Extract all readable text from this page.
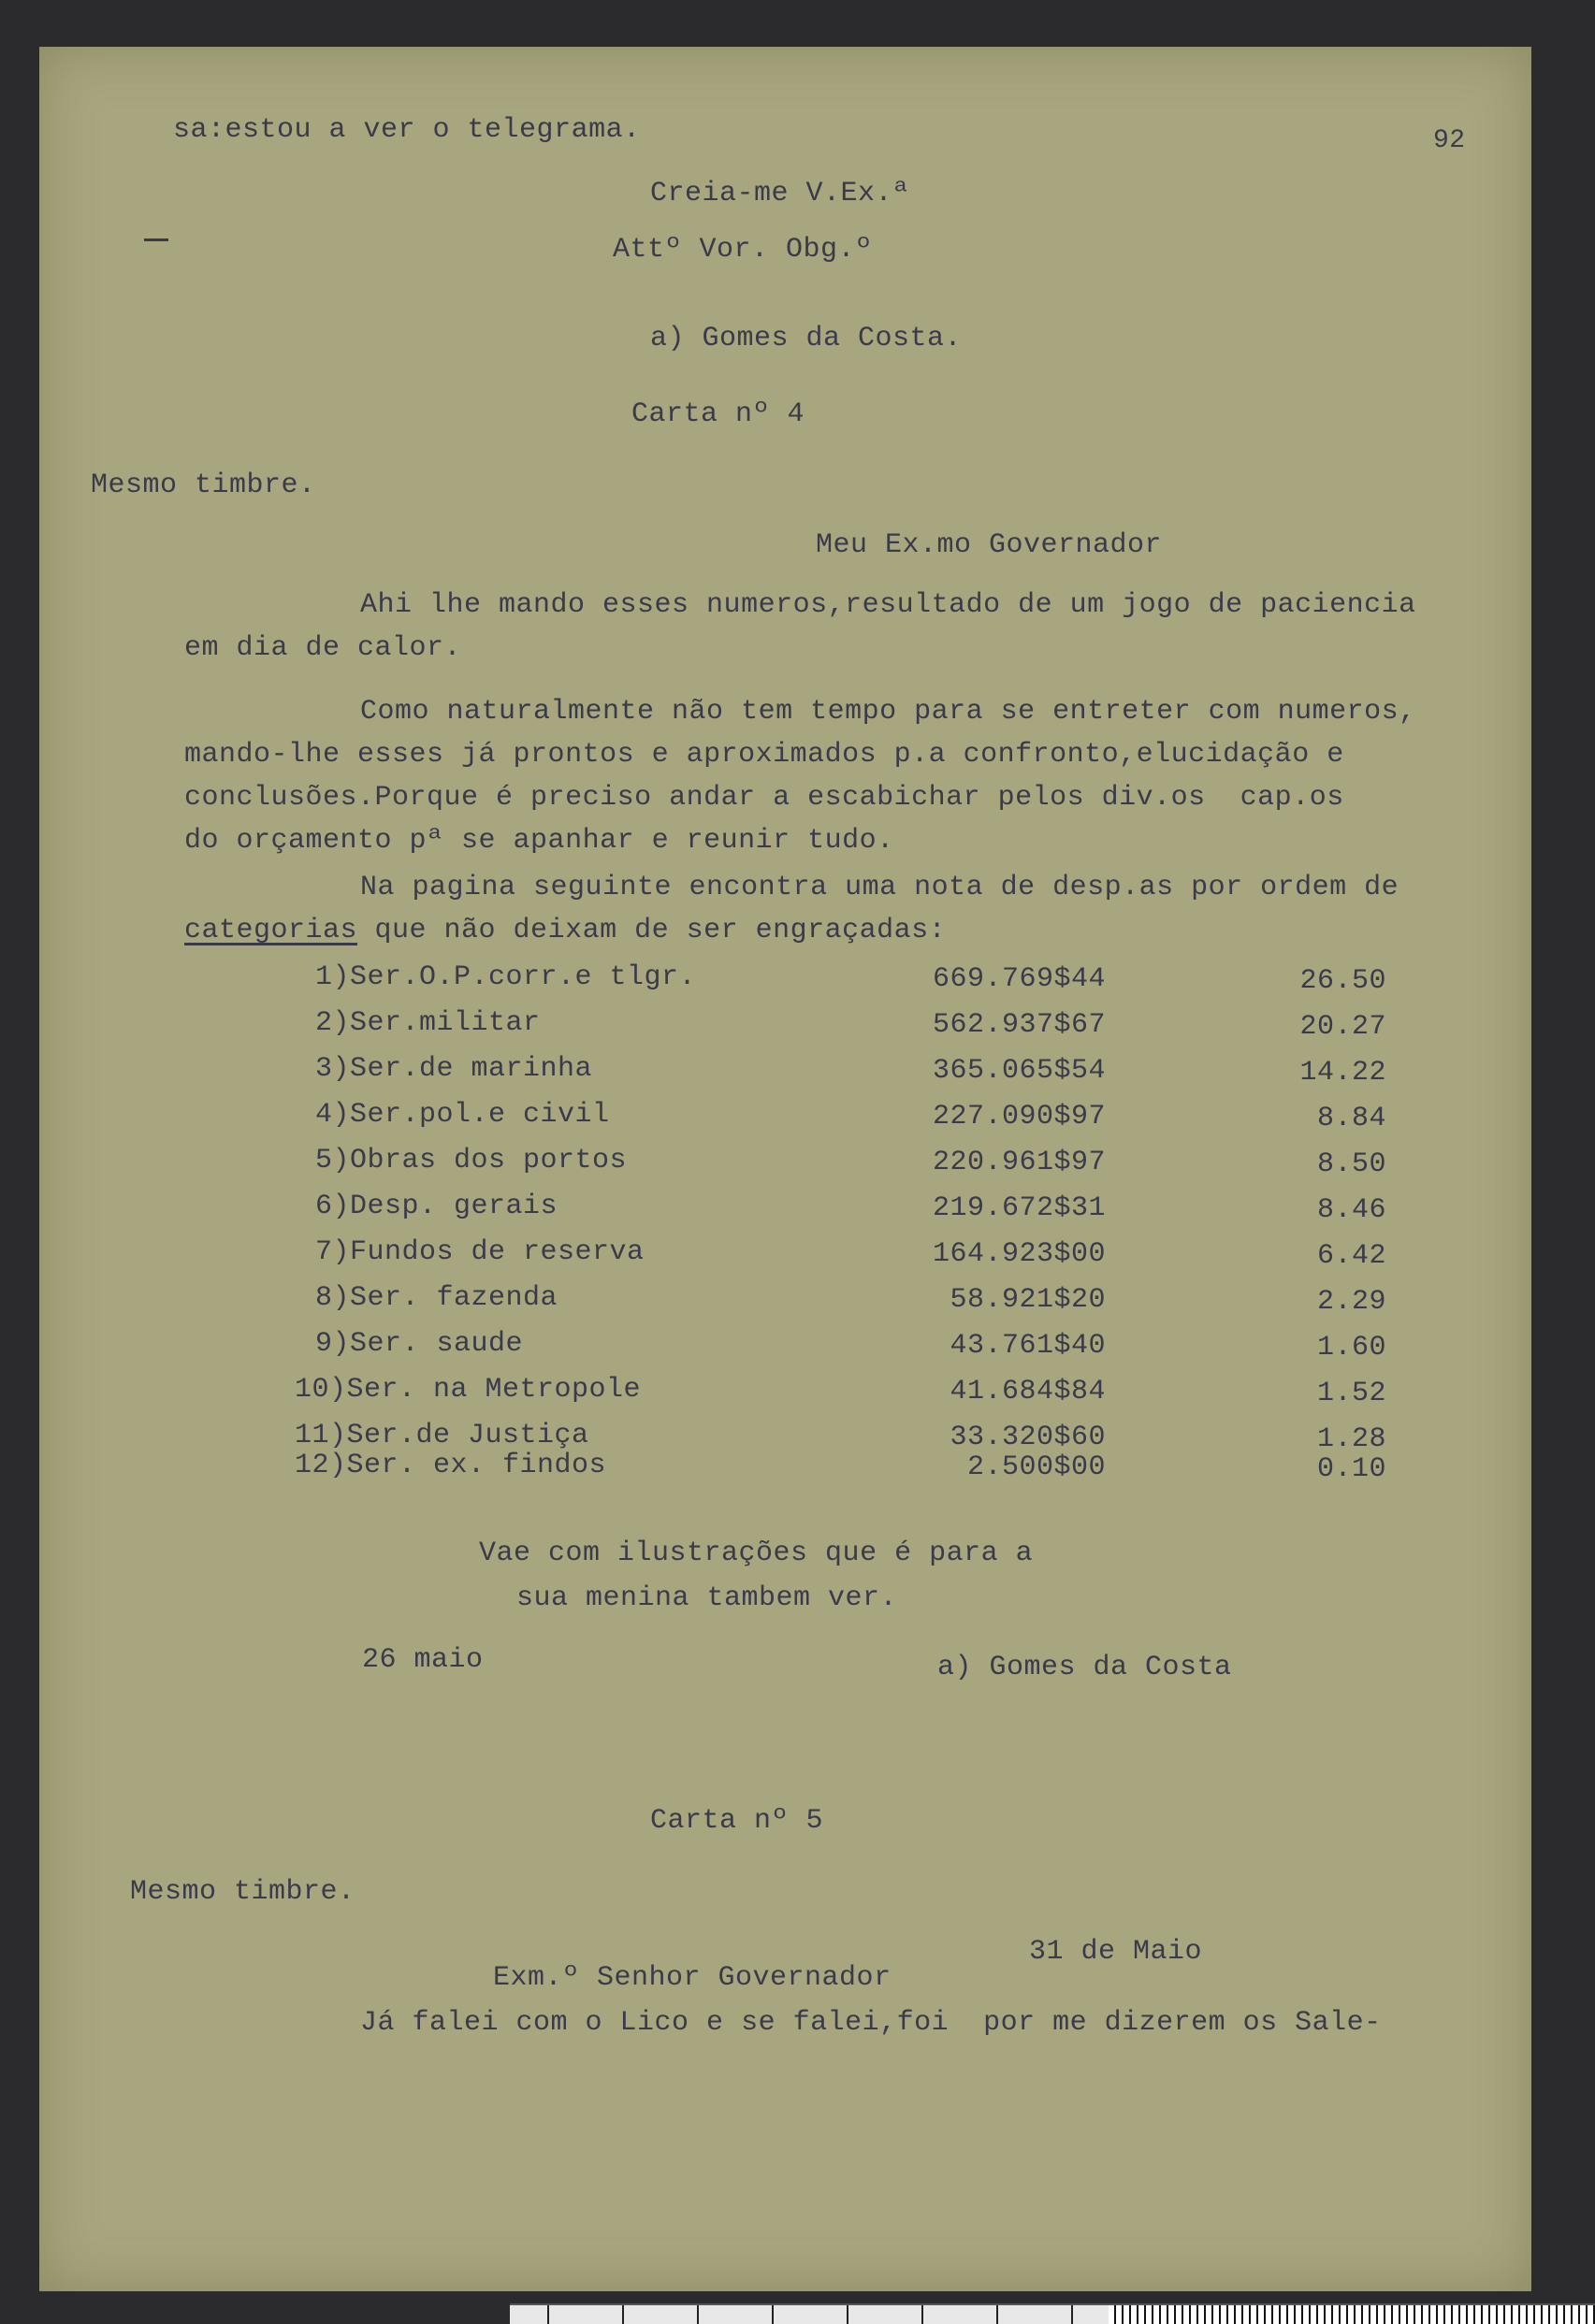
92
sa:estou a ver o telegrama.
Creia-me V.Ex.ª
Attº Vor. Obg.º
a) Gomes da Costa.
Carta nº 4
Mesmo timbre.
Meu Ex.mo Governador
Ahi lhe mando esses numeros,resultado de um jogo de paciencia
em dia de calor.
Como naturalmente não tem tempo para se entreter com numeros,
mando-lhe esses já prontos e aproximados p.a confronto,elucidação e
conclusões.Porque é preciso andar a escabichar pelos div.os  cap.os
do orçamento pª se apanhar e reunir tudo.
Na pagina seguinte encontra uma nota de desp.as por ordem de
categorias que não deixam de ser engraçadas:
1)Ser.O.P.corr.e tlgr.	669.769$44	26.50
2)Ser.militar	562.937$67	20.27
3)Ser.de marinha	365.065$54	14.22
4)Ser.pol.e civil	227.090$97	8.84
5)Obras dos portos	220.961$97	8.50
6)Desp. gerais	219.672$31	8.46
7)Fundos de reserva	164.923$00	6.42
8)Ser. fazenda	58.921$20	2.29
9)Ser. saude	43.761$40	1.60
10)Ser. na Metropole	41.684$84	1.52
11)Ser.de Justiça	33.320$60	1.28
12)Ser. ex. findos	2.500$00	0.10
Vae com ilustrações que é para a
sua menina tambem ver.
26 maio	a) Gomes da Costa
Carta nº 5
Mesmo timbre.
31 de Maio
Exm.º Senhor Governador
Já falei com o Lico e se falei,foi  por me dizerem os Sale-
